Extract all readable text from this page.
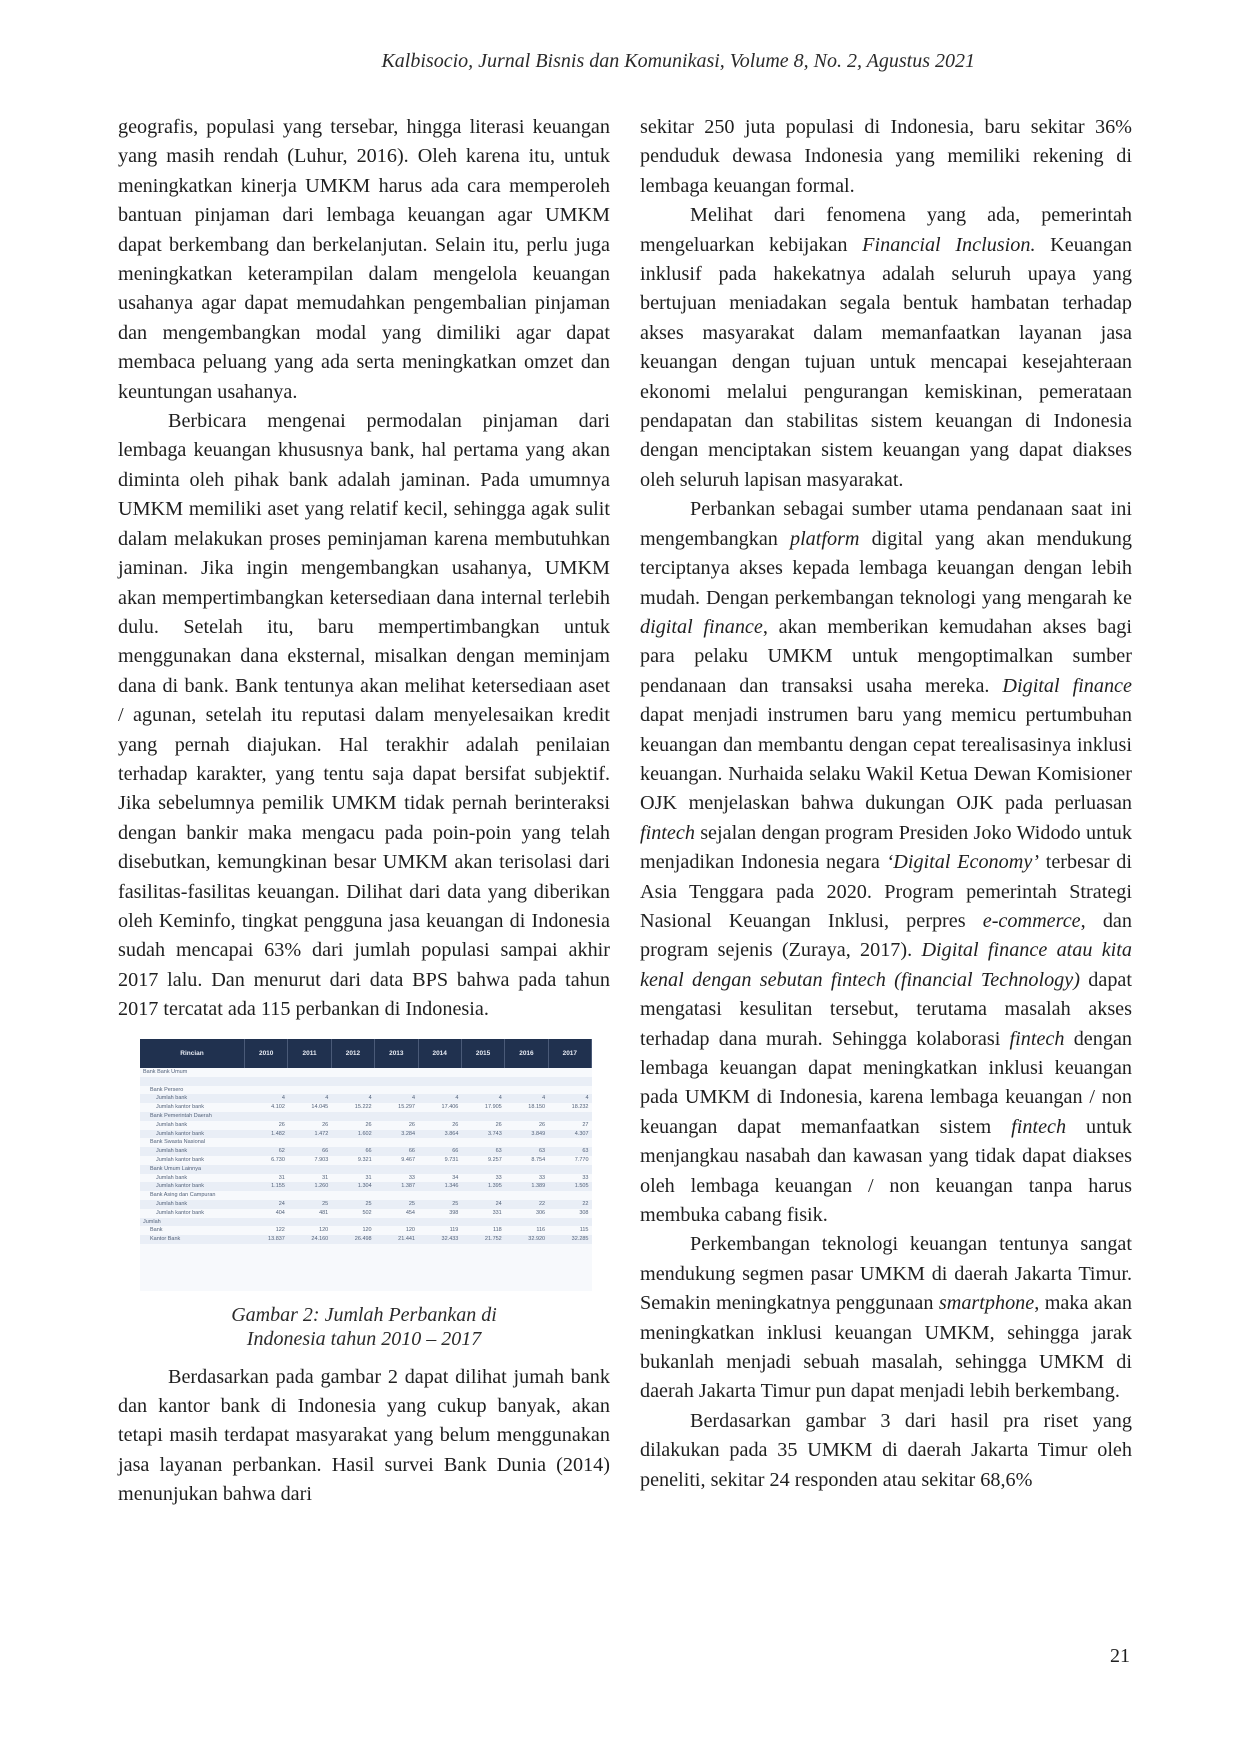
Kalbisocio, Jurnal Bisnis dan Komunikasi, Volume 8, No. 2, Agustus 2021

geografis, populasi yang tersebar, hingga literasi keuangan yang masih rendah (Luhur, 2016). Oleh karena itu, untuk meningkatkan kinerja UMKM harus ada cara memperoleh bantuan pinjaman dari lembaga keuangan agar UMKM dapat berkembang dan berkelanjutan. Selain itu, perlu juga meningkatkan keterampilan dalam mengelola keuangan usahanya agar dapat memudahkan pengembalian pinjaman dan mengembangkan modal yang dimiliki agar dapat membaca peluang yang ada serta meningkatkan omzet dan keuntungan usahanya.

Berbicara mengenai permodalan pinjaman dari lembaga keuangan khususnya bank, hal pertama yang akan diminta oleh pihak bank adalah jaminan. Pada umumnya UMKM memiliki aset yang relatif kecil, sehingga agak sulit dalam melakukan proses peminjaman karena membutuhkan jaminan. Jika ingin mengembangkan usahanya, UMKM akan mempertimbangkan ketersediaan dana internal terlebih dulu. Setelah itu, baru mempertimbangkan untuk menggunakan dana eksternal, misalkan dengan meminjam dana di bank. Bank tentunya akan melihat ketersediaan aset / agunan, setelah itu reputasi dalam menyelesaikan kredit yang pernah diajukan. Hal terakhir adalah penilaian terhadap karakter, yang tentu saja dapat bersifat subjektif. Jika sebelumnya pemilik UMKM tidak pernah berinteraksi dengan bankir maka mengacu pada poin-poin yang telah disebutkan, kemungkinan besar UMKM akan terisolasi dari fasilitas-fasilitas keuangan. Dilihat dari data yang diberikan oleh Keminfo, tingkat pengguna jasa keuangan di Indonesia sudah mencapai 63% dari jumlah populasi sampai akhir 2017 lalu. Dan menurut dari data BPS bahwa pada tahun 2017 tercatat ada 115 perbankan di Indonesia.

Rincian	2010	2011	2012	2013	2014	2015	2016	2017
Bank Bank Umum								

Bank Persero								
Jumlah bank	4	4	4	4	4	4	4	4
Jumlah kantor bank	4.102	14.045	15.222	15.297	17.406	17.905	18.150	18.232
Bank Pemerintah Daerah								
Jumlah bank	26	26	26	26	26	26	26	27
Jumlah kantor bank	1.482	1.472	1.602	3.284	3.864	3.743	3.849	4.307
Bank Swasta Nasional								
Jumlah bank	62	66	66	66	66	63	63	63
Jumlah kantor bank	6.730	7.903	9.321	9.467	9.731	9.257	8.754	7.770
Bank Umum Lainnya								
Jumlah bank	31	31	31	33	34	33	33	33
Jumlah kantor bank	1.155	1.260	1.304	1.387	1.346	1.395	1.389	1.505
Bank Asing dan Campuran								
Jumlah bank	24	25	25	25	25	24	22	22
Jumlah kantor bank	404	481	502	454	398	331	306	308
Jumlah								
Bank	122	120	120	120	119	118	116	115
Kantor Bank	13.837	24.160	26.498	21.441	32.433	21.752	32.920	32.285
Gambar 2: Jumlah Perbankan di
Indonesia tahun 2010 – 2017

Berdasarkan pada gambar 2 dapat dilihat jumah bank dan kantor bank di Indonesia yang cukup banyak, akan tetapi masih terdapat masyarakat yang belum menggunakan jasa layanan perbankan. Hasil survei Bank Dunia (2014) menunjukan bahwa dari

sekitar 250 juta populasi di Indonesia, baru sekitar 36% penduduk dewasa Indonesia yang memiliki rekening di lembaga keuangan formal.

Melihat dari fenomena yang ada, pemerintah mengeluarkan kebijakan Financial Inclusion. Keuangan inklusif pada hakekatnya adalah seluruh upaya yang bertujuan meniadakan segala bentuk hambatan terhadap akses masyarakat dalam memanfaatkan layanan jasa keuangan dengan tujuan untuk mencapai kesejahteraan ekonomi melalui pengurangan kemiskinan, pemerataan pendapatan dan stabilitas sistem keuangan di Indonesia dengan menciptakan sistem keuangan yang dapat diakses oleh seluruh lapisan masyarakat.

Perbankan sebagai sumber utama pendanaan saat ini mengembangkan platform digital yang akan mendukung terciptanya akses kepada lembaga keuangan dengan lebih mudah. Dengan perkembangan teknologi yang mengarah ke digital finance, akan memberikan kemudahan akses bagi para pelaku UMKM untuk mengoptimalkan sumber pendanaan dan transaksi usaha mereka. Digital finance dapat menjadi instrumen baru yang memicu pertumbuhan keuangan dan membantu dengan cepat terealisasinya inklusi keuangan. Nurhaida selaku Wakil Ketua Dewan Komisioner OJK menjelaskan bahwa dukungan OJK pada perluasan fintech sejalan dengan program Presiden Joko Widodo untuk menjadikan Indonesia negara ‘Digital Economy’ terbesar di Asia Tenggara pada 2020. Program pemerintah Strategi Nasional Keuangan Inklusi, perpres e-commerce, dan program sejenis (Zuraya, 2017). Digital finance atau kita kenal dengan sebutan fintech (financial Technology) dapat mengatasi kesulitan tersebut, terutama masalah akses terhadap dana murah. Sehingga kolaborasi fintech dengan lembaga keuangan dapat meningkatkan inklusi keuangan pada UMKM di Indonesia, karena lembaga keuangan / non keuangan dapat memanfaatkan sistem fintech untuk menjangkau nasabah dan kawasan yang tidak dapat diakses oleh lembaga keuangan / non keuangan tanpa harus membuka cabang fisik.

Perkembangan teknologi keuangan tentunya sangat mendukung segmen pasar UMKM di daerah Jakarta Timur. Semakin meningkatnya penggunaan smartphone, maka akan meningkatkan inklusi keuangan UMKM, sehingga jarak bukanlah menjadi sebuah masalah, sehingga UMKM di daerah Jakarta Timur pun dapat menjadi lebih berkembang.

Berdasarkan gambar 3 dari hasil pra riset yang dilakukan pada 35 UMKM di daerah Jakarta Timur oleh peneliti, sekitar 24 responden atau sekitar 68,6%

21
